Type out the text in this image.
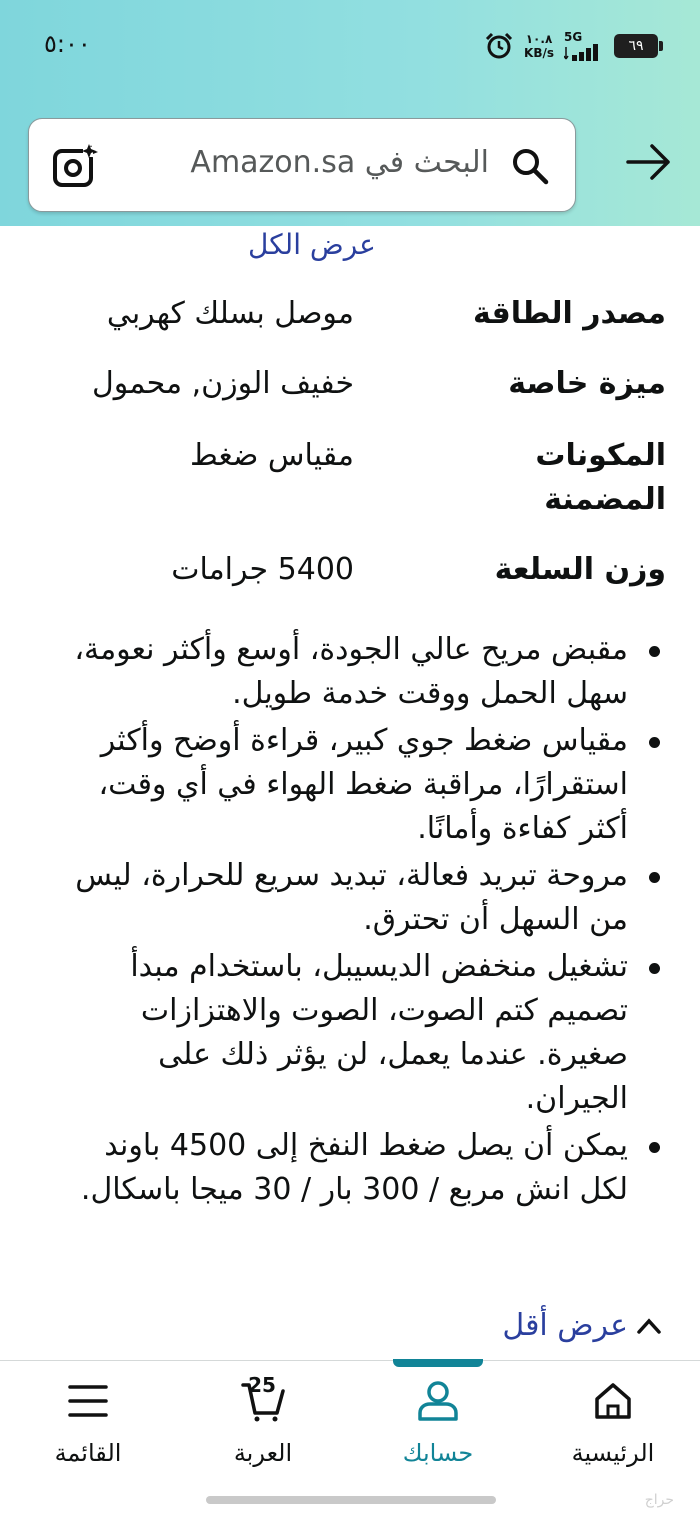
٥:٠٠	١٠.٨
KB/s
5G
٦٩
البحث في Amazon.sa
عرض الكل
مصدر الطاقة
موصل بسلك كهربي
ميزة خاصة
خفيف الوزن, محمول
المكونات المضمنة
مقياس ضغط
وزن السلعة
5400 جرامات
مقبض مريح عالي الجودة، أوسع وأكثر نعومة، سهل الحمل ووقت خدمة طويل.
مقياس ضغط جوي كبير، قراءة أوضح وأكثر استقرارًا، مراقبة ضغط الهواء في أي وقت، أكثر كفاءة وأمانًا.
مروحة تبريد فعالة، تبديد سريع للحرارة، ليس من السهل أن تحترق.
تشغيل منخفض الديسيبل، باستخدام مبدأ تصميم كتم الصوت، الصوت والاهتزازات صغيرة. عندما يعمل، لن يؤثر ذلك على الجيران.
يمكن أن يصل ضغط النفخ إلى 4500 باوند لكل انش مربع / 300 بار / 30 ميجا باسكال.
عرض أقل
الرئيسية
حسابك
25
العربة
القائمة
حراج
